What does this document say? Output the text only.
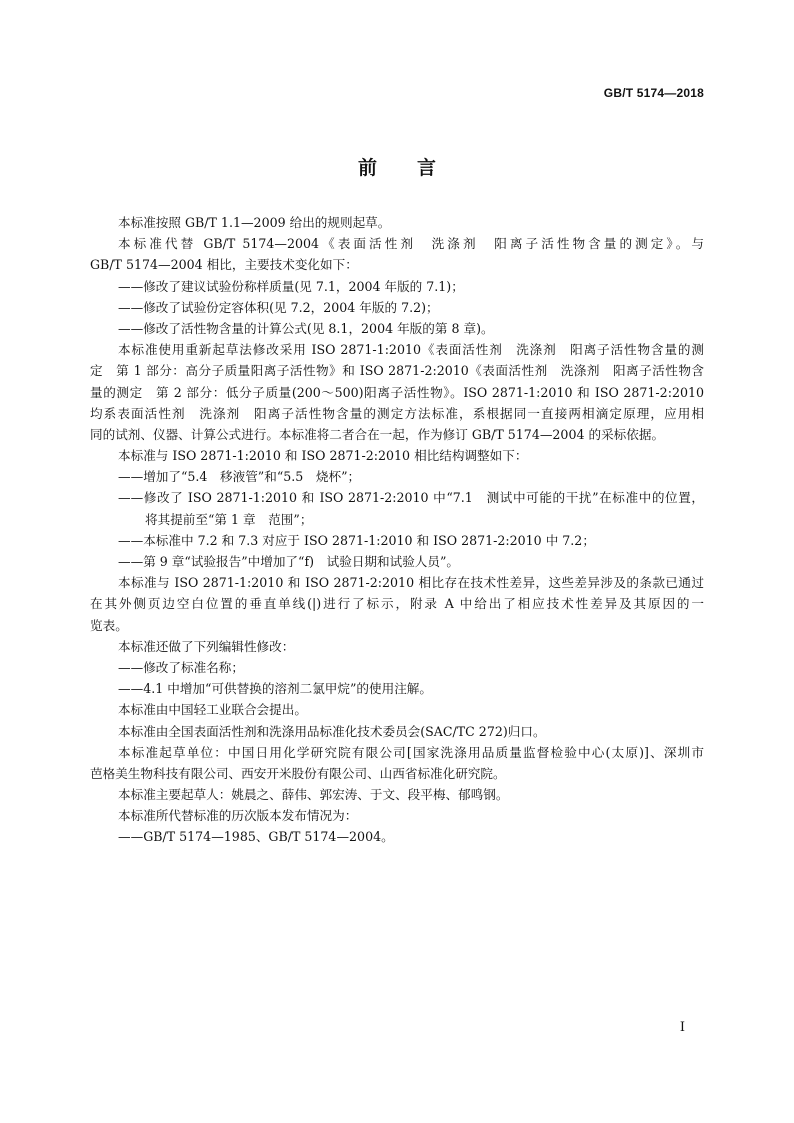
GB/T 5174—2018
前言
本标准按照 GB/T 1.1—2009 给出的规则起草。
本标准代替 GB/T 5174—2004《表面活性剂　洗涤剂　阳离子活性物含量的测定》。与
GB/T 5174—2004 相比，主要技术变化如下：
——修改了建议试验份称样质量(见 7.1，2004 年版的 7.1)；
——修改了试验份定容体积(见 7.2，2004 年版的 7.2)；
——修改了活性物含量的计算公式(见 8.1，2004 年版的第 8 章)。
本标准使用重新起草法修改采用 ISO 2871-1:2010《表面活性剂　洗涤剂　阳离子活性物含量的测
定　第 1 部分：高分子质量阳离子活性物》和 ISO 2871-2:2010《表面活性剂　洗涤剂　阳离子活性物含
量的测定　第 2 部分：低分子质量(200～500)阳离子活性物》。ISO 2871-1:2010 和 ISO 2871-2:2010
均系表面活性剂　洗涤剂　阳离子活性物含量的测定方法标准，系根据同一直接两相滴定原理，应用相
同的试剂、仪器、计算公式进行。本标准将二者合在一起，作为修订 GB/T 5174—2004 的采标依据。
本标准与 ISO 2871-1:2010 和 ISO 2871-2:2010 相比结构调整如下：
——增加了“5.4　移液管”和“5.5　烧杯”；
——修改了 ISO 2871-1:2010 和 ISO 2871-2:2010 中“7.1　测试中可能的干扰”在标准中的位置，
将其提前至“第 1 章　范围”；
——本标准中 7.2 和 7.3 对应于 ISO 2871-1:2010 和 ISO 2871-2:2010 中 7.2；
——第 9 章“试验报告”中增加了“f)　试验日期和试验人员”。
本标准与 ISO 2871-1:2010 和 ISO 2871-2:2010 相比存在技术性差异，这些差异涉及的条款已通过
在其外侧页边空白位置的垂直单线(|)进行了标示，附录 A 中给出了相应技术性差异及其原因的一
览表。
本标准还做了下列编辑性修改：
——修改了标准名称；
——4.1 中增加“可供替换的溶剂二氯甲烷”的使用注解。
本标准由中国轻工业联合会提出。
本标准由全国表面活性剂和洗涤用品标准化技术委员会(SAC/TC 272)归口。
本标准起草单位：中国日用化学研究院有限公司[国家洗涤用品质量监督检验中心(太原)]、深圳市
芭格美生物科技有限公司、西安开米股份有限公司、山西省标准化研究院。
本标准主要起草人：姚晨之、薛伟、郭宏涛、于文、段平梅、郁鸣钢。
本标准所代替标准的历次版本发布情况为：
——GB/T 5174—1985、GB/T 5174—2004。
I
